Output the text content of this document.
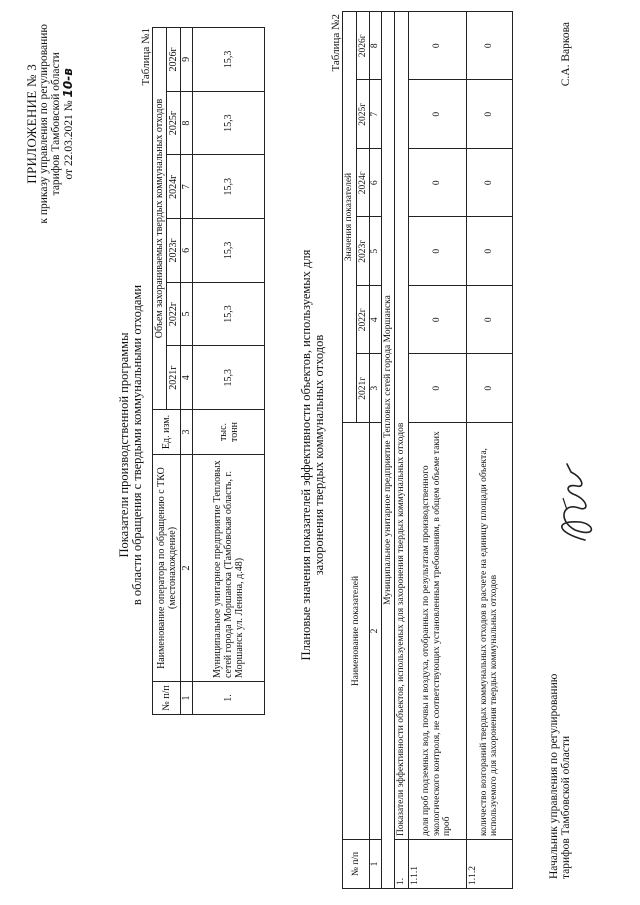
ПРИЛОЖЕНИЕ № 3 к приказу управления по регулированию тарифов Тамбовской области от 22.03.2021 № 10-в
Показатели производственной программы в области обращения с твердыми коммунальными отходами
Таблица №1
№ п/п	Наименование оператора по обращению с ТКО (местонахождение)	Ед. изм.	Объем захораниваемых твердых коммунальных отходов					
			2021г	2022г	2023г	2024г	2025г	2026г
1	2	3	4	5	6	7	8	9
1.	Муниципальное унитарное предприятие Тепловых сетей города Моршанска (Тамбовская область, г. Моршанск ул. Ленина, д.48)	тыс. тонн	15,3	15,3	15,3	15,3	15,3	15,3
Плановые значения показателей эффективности объектов, используемых для захоронения твердых коммунальных отходов
Таблица №2
№ п/п	Наименование показателей	Значения показателей					
		2021г	2022г	2023г	2024г	2025г	2026г
1	2	3	4	5	6	7	8
Муниципальное унитарное предприятие Тепловых сетей города Моршанска							
1.	Показатели эффективности объектов, используемых для захоронения твердых коммунальных отходов						
1.1.1	доля проб подземных вод, почвы и воздуха, отобранных по результатам производственного экологического контроля, не соответствующих установленным требованиям, в общем объеме таких проб	0	0	0	0	0	0
1.1.2	количество возгораний твердых коммунальных отходов в расчете на единицу площади объекта, используемого для захоронения твердых коммунальных отходов	0	0	0	0	0	0
Начальник управления по регулированию тарифов Тамбовской области
С.А. Варкова
